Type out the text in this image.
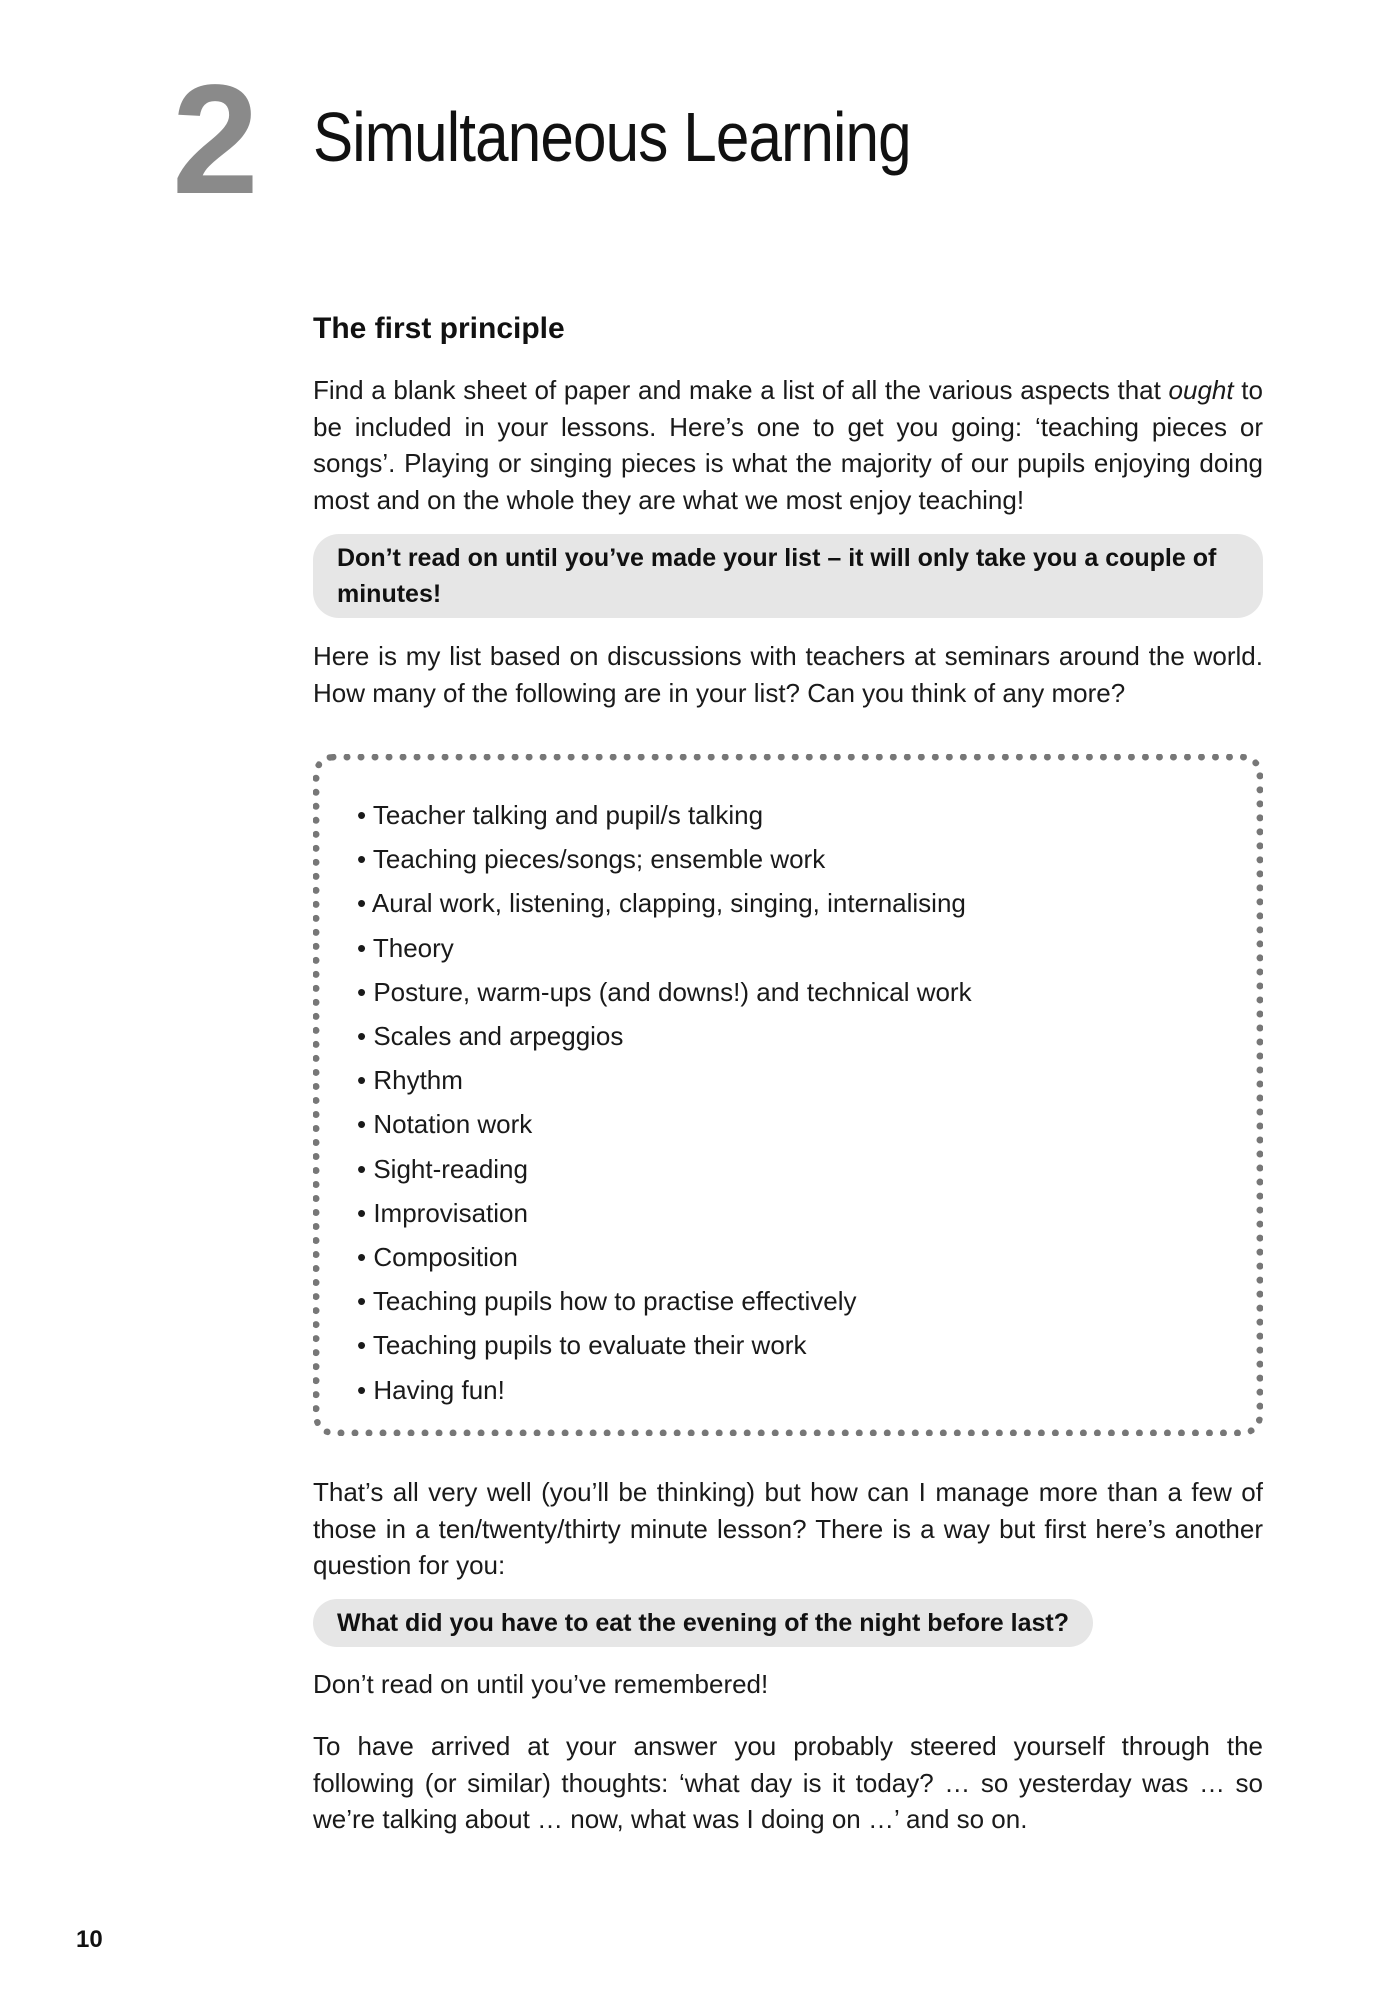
2 Simultaneous Learning
The first principle
Find a blank sheet of paper and make a list of all the various aspects that ought to be included in your lessons. Here’s one to get you going: ‘teaching pieces or songs’. Playing or singing pieces is what the majority of our pupils enjoying doing most and on the whole they are what we most enjoy teaching!
Don’t read on until you’ve made your list – it will only take you a couple of minutes!
Here is my list based on discussions with teachers at seminars around the world. How many of the following are in your list? Can you think of any more?
• Teacher talking and pupil/s talking
• Teaching pieces/songs; ensemble work
• Aural work, listening, clapping, singing, internalising
• Theory
• Posture, warm-ups (and downs!) and technical work
• Scales and arpeggios
• Rhythm
• Notation work
• Sight-reading
• Improvisation
• Composition
• Teaching pupils how to practise effectively
• Teaching pupils to evaluate their work
• Having fun!
That’s all very well (you’ll be thinking) but how can I manage more than a few of those in a ten/twenty/thirty minute lesson? There is a way but first here’s another question for you:
What did you have to eat the evening of the night before last?
Don’t read on until you’ve remembered!
To have arrived at your answer you probably steered yourself through the following (or similar) thoughts: ‘what day is it today? … so yesterday was … so we’re talking about … now, what was I doing on …’ and so on.
10
